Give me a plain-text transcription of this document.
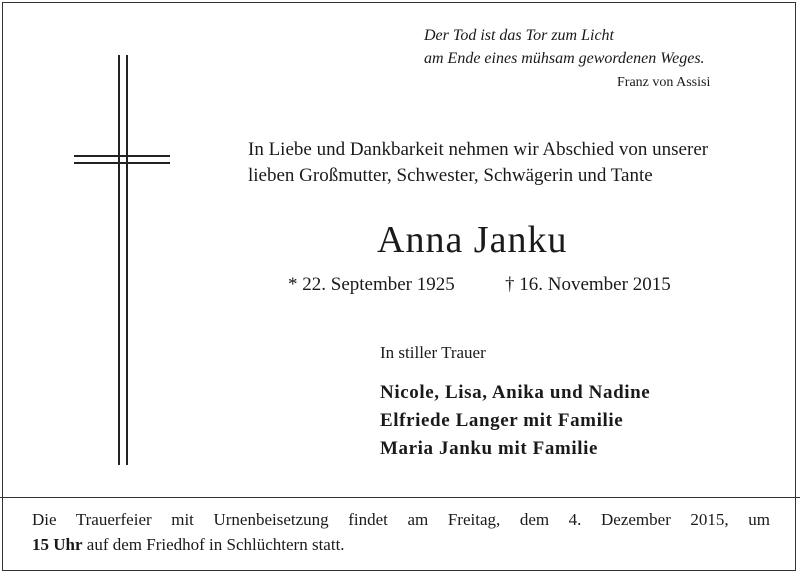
Der Tod ist das Tor zum Licht
am Ende eines mühsam gewordenen Weges.
Franz von Assisi
In Liebe und Dankbarkeit nehmen wir Abschied von unserer
lieben Großmutter, Schwester, Schwägerin und Tante
Anna Janku
* 22. September 1925	† 16. November 2015
In stiller Trauer
Nicole, Lisa, Anika und Nadine
Elfriede Langer mit Familie
Maria Janku mit Familie
Die Trauerfeier mit Urnenbeisetzung findet am Freitag, dem 4. Dezember 2015, um
15 Uhr auf dem Friedhof in Schlüchtern statt.
